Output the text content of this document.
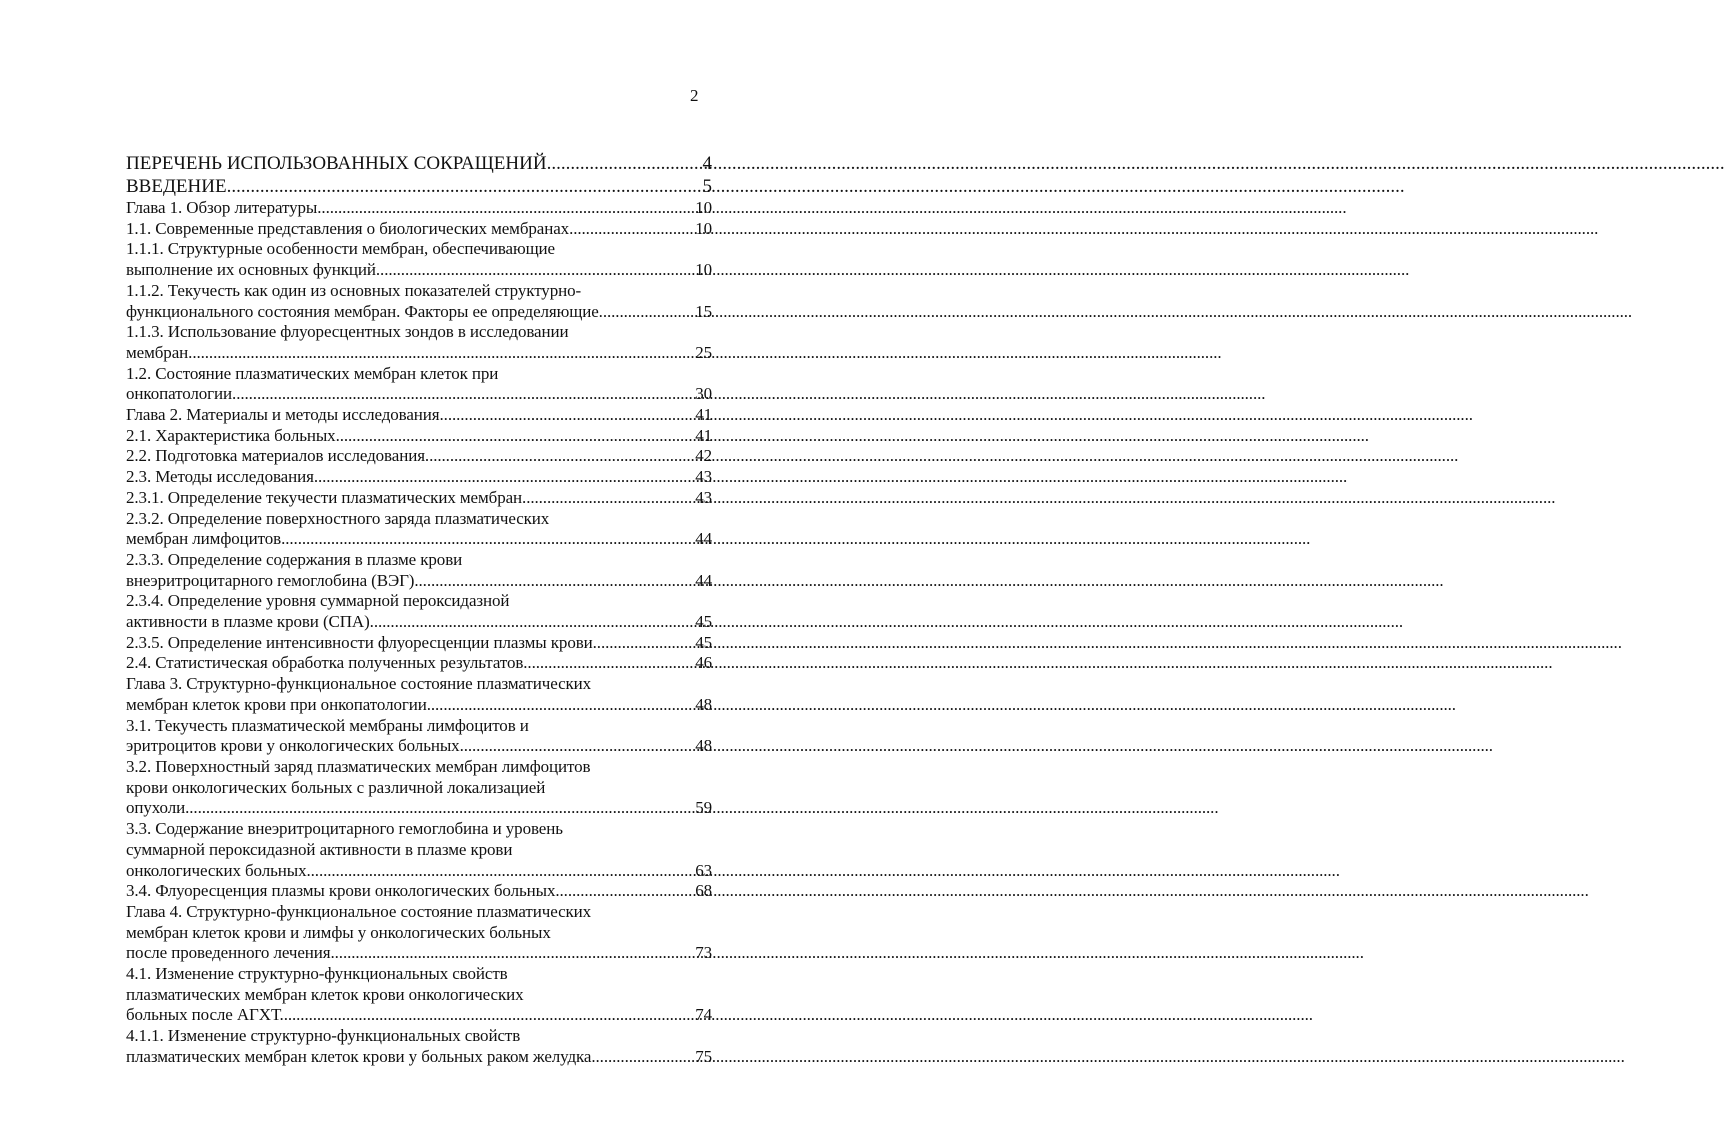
2
ПЕРЕЧЕНЬ ИСПОЛЬЗОВАННЫХ СОКРАЩЕНИЙ .....	4
ВВЕДЕНИЕ .....	5
Глава 1. Обзор литературы .....	10
1.1. Современные представления о биологических мембранах .....	10
1.1.1. Структурные особенности мембран, обеспечивающие
выполнение их основных функций. .....	10
1.1.2. Текучесть как один из основных показателей структурно-
функционального состояния мембран. Факторы ее определяющие. .....	15
1.1.3. Использование флуоресцентных зондов в исследовании
мембран. .....	25
1.2. Состояние плазматических мембран клеток при
онкопатологии. .....	30
Глава 2. Материалы и методы исследования. .....	41
2.1. Характеристика больных. .....	41
2.2. Подготовка материалов исследования. .....	42
2.3. Методы исследования. .....	43
2.3.1. Определение текучести плазматических мембран. .....	43
2.3.2. Определение поверхностного заряда плазматических
мембран лимфоцитов .....	44
2.3.3. Определение содержания в плазме крови
внеэритроцитарного гемоглобина (ВЭГ) .....	44
2.3.4. Определение уровня суммарной пероксидазной
активности в плазме крови (СПА). .....	45
2.3.5. Определение интенсивности флуоресценции плазмы крови .....	45
2.4. Статистическая обработка полученных результатов .....	46
Глава 3. Структурно-функциональное состояние плазматических
мембран клеток крови при онкопатологии .....	48
3.1. Текучесть плазматической мембраны лимфоцитов и
эритроцитов крови у онкологических больных. .....	48
3.2. Поверхностный заряд плазматических мембран лимфоцитов
крови онкологических больных с различной локализацией
опухоли. .....	59
3.3. Содержание внеэритроцитарного гемоглобина и уровень
суммарной пероксидазной активности в плазме крови
онкологических больных. .....	63
3.4. Флуоресценция плазмы крови онкологических больных. .....	68
Глава 4. Структурно-функциональное состояние плазматических
мембран клеток крови и лимфы у онкологических больных
после проведенного лечения. .....	73
4.1. Изменение структурно-функциональных свойств
плазматических мембран клеток крови онкологических
больных после АГХТ. .....	74
4.1.1. Изменение структурно-функциональных свойств
плазматических мембран клеток крови у больных раком желудка. .....	75
